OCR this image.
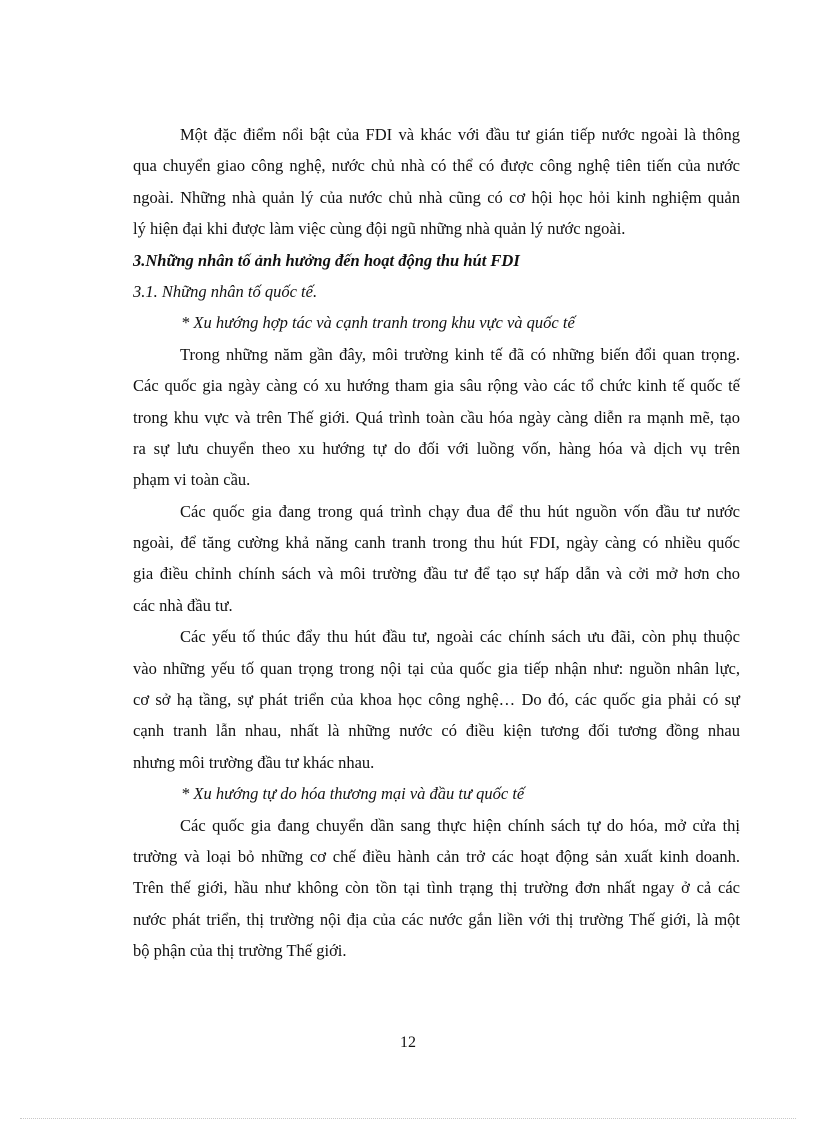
Một đặc điểm nổi bật của FDI và khác với đầu tư gián tiếp nước ngoài là thông
qua chuyển giao công nghệ, nước chủ nhà có thể có được công nghệ tiên tiến của nước
ngoài. Những nhà quản lý của nước chủ nhà cũng có cơ hội học hỏi kinh nghiệm quản
lý hiện đại khi được làm việc cùng đội ngũ những nhà quản lý nước ngoài.
3.Những nhân tố ảnh hưởng đến hoạt động thu hút FDI
3.1. Những nhân tố quốc tế.
* Xu hướng hợp tác và cạnh tranh trong khu vực và quốc tế
Trong những năm gần đây, môi trường kinh tế đã có những biến đổi quan trọng.
Các quốc gia ngày càng có xu hướng tham gia sâu rộng vào các tổ chức kinh tế quốc tế
trong khu vực và trên Thế giới. Quá trình toàn cầu hóa ngày càng diễn ra mạnh mẽ, tạo
ra sự lưu chuyển theo xu hướng tự do đối với luồng vốn, hàng hóa và dịch vụ trên
phạm vi toàn cầu.
Các quốc gia đang trong quá trình chạy đua để thu hút nguồn vốn đầu tư nước
ngoài, để tăng cường khả năng canh tranh trong thu hút FDI, ngày càng có nhiều quốc
gia điều chỉnh chính sách và môi trường đầu tư để tạo sự hấp dẫn và cởi mở hơn cho
các nhà đầu tư.
Các yếu tố thúc đẩy thu hút đầu tư, ngoài các chính sách ưu đãi, còn phụ thuộc
vào những yếu tố quan trọng trong nội tại của quốc gia tiếp nhận như: nguồn nhân lực,
cơ sở hạ tầng, sự phát triển của khoa học công nghệ… Do đó, các quốc gia phải có sự
cạnh tranh lẫn nhau, nhất là những nước có điều kiện tương đối tương đồng nhau
nhưng môi trường đầu tư khác nhau.
* Xu hướng tự do hóa thương mại và đầu tư quốc tế
Các quốc gia đang chuyển dần sang thực hiện chính sách tự do hóa, mở cửa thị
trường và loại bỏ những cơ chế điều hành cản trở các hoạt động sản xuất kinh doanh.
Trên thế giới, hầu như không còn tồn tại tình trạng thị trường đơn nhất ngay ở cả các
nước phát triển, thị trường nội địa của các nước gắn liền với thị trường Thế giới, là một
bộ phận của thị trường Thế giới.
12
